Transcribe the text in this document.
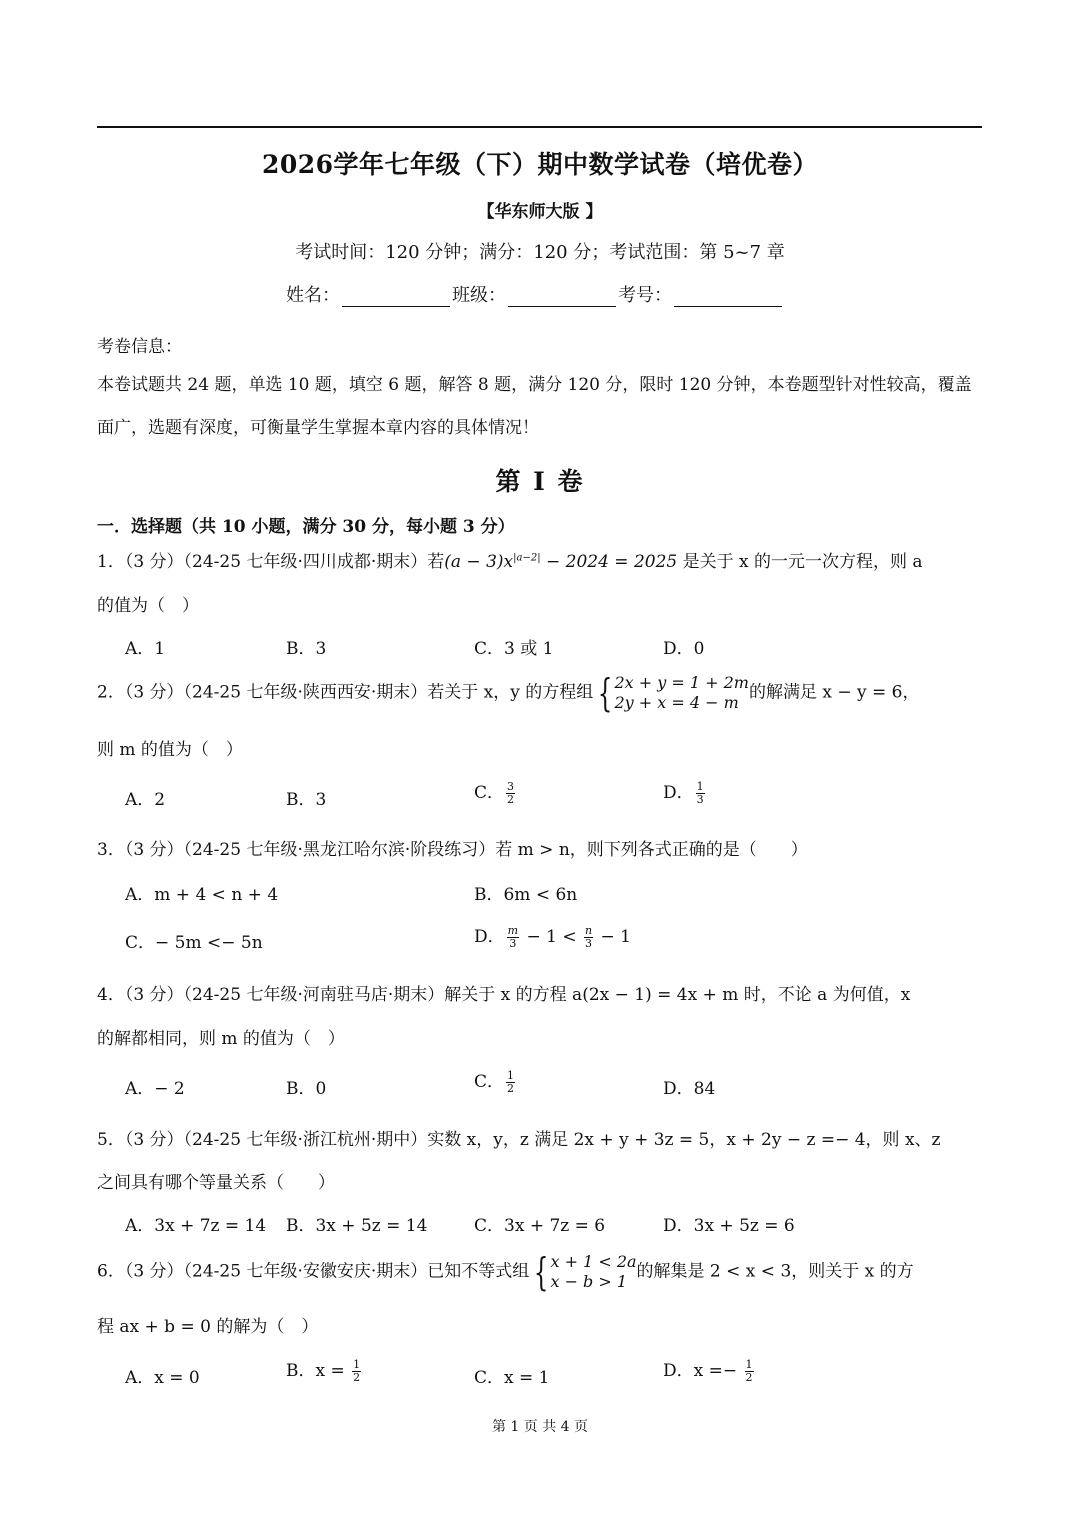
2026学年七年级（下）期中数学试卷（培优卷）
【华东师大版 】
考试时间：120 分钟；满分：120 分；考试范围：第 5~7 章
姓名：	班级：	考号：
考卷信息：
本卷试题共 24 题，单选 10 题，填空 6 题，解答 8 题，满分 120 分，限时 120 分钟，本卷题型针对性较高，覆盖
面广，选题有深度，可衡量学生掌握本章内容的具体情况！
第 I 卷
一．选择题（共 10 小题，满分 30 分，每小题 3 分）
1．（3 分）（24-25 七年级·四川成都·期末）若$(a - 3)x^{|a-2|} - 2024 = 2025$ 是关于 x 的一元一次方程，则 a
的值为（　）
A．1	B．3	C．3 或 1	D．0
2．（3 分）（24-25 七年级·陕西西安·期末）若关于 x，y 的方程组 { 2x + y = 1 + 2m
2y + x = 4 − m 的解满足 x − y = 6，
则 m 的值为（　）
A．2	B．3	C． $\frac{3}{2}$	D． $\frac{1}{3}$
3．（3 分）（24-25 七年级·黑龙江哈尔滨·阶段练习）若 m > n，则下列各式正确的是（　　）
A．m + 4 < n + 4	B．6m < 6n
C．− 5m <− 5n	D． $\frac{m}{3} - 1 < \frac{n}{3} - 1$
4．（3 分）（24-25 七年级·河南驻马店·期末）解关于 x 的方程 a(2x − 1) = 4x + m 时，不论 a 为何值，x
的解都相同，则 m 的值为（　）
A．− 2	B．0	C． $\frac{1}{2}$	D．84
5．（3 分）（24-25 七年级·浙江杭州·期中）实数 x，y，z 满足 2x + y + 3z = 5，x + 2y − z =− 4，则 x、z
之间具有哪个等量关系（　　）
A．3x + 7z = 14 B．3x + 5z = 14	C．3x + 7z = 6	D．3x + 5z = 6
6．（3 分）（24-25 七年级·安徽安庆·期末）已知不等式组 { x + 1 < 2a
x − b > 1 的解集是 2 < x < 3，则关于 x 的方
程 ax + b = 0 的解为（　）
A．x = 0	B．$x = \frac{1}{2}$	C．x = 1	D．$x =- \frac{1}{2}$
第 1 页 共 4 页
